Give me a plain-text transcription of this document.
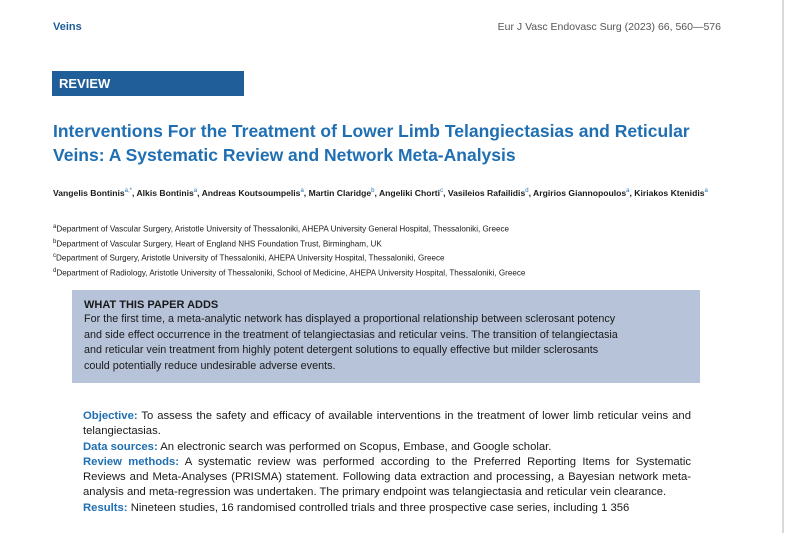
Veins	Eur J Vasc Endovasc Surg (2023) 66, 560—576
REVIEW
Interventions For the Treatment of Lower Limb Telangiectasias and Reticular Veins: A Systematic Review and Network Meta-Analysis
Vangelis Bontinis$^{a,*}$, Alkis Bontinis$^a$, Andreas Koutsoumpelis$^a$, Martin Claridge$^b$, Angeliki Chorti$^c$, Vasileios Rafailidis$^d$, Argirios Giannopoulos$^a$, Kiriakos Ktenidis$^a$
$^a$Department of Vascular Surgery, Aristotle University of Thessaloniki, AHEPA University General Hospital, Thessaloniki, Greece
$^b$Department of Vascular Surgery, Heart of England NHS Foundation Trust, Birmingham, UK
$^c$Department of Surgery, Aristotle University of Thessaloniki, AHEPA University Hospital, Thessaloniki, Greece
$^d$Department of Radiology, Aristotle University of Thessaloniki, School of Medicine, AHEPA University Hospital, Thessaloniki, Greece
WHAT THIS PAPER ADDS
For the first time, a meta-analytic network has displayed a proportional relationship between sclerosant potency
and side effect occurrence in the treatment of telangiectasias and reticular veins. The transition of telangiectasia
and reticular vein treatment from highly potent detergent solutions to equally effective but milder sclerosants
could potentially reduce undesirable adverse events.

Objective: To assess the safety and efficacy of available interventions in the treatment of lower limb reticular veins and telangiectasias.

Data sources: An electronic search was performed on Scopus, Embase, and Google scholar.

Review methods: A systematic review was performed according to the Preferred Reporting Items for Systematic Reviews and Meta-Analyses (PRISMA) statement. Following data extraction and processing, a Bayesian network meta-analysis and meta-regression was undertaken. The primary endpoint was telangiectasia and reticular vein clearance.

Results: Nineteen studies, 16 randomised controlled trials and three prospective case series, including 1 356
